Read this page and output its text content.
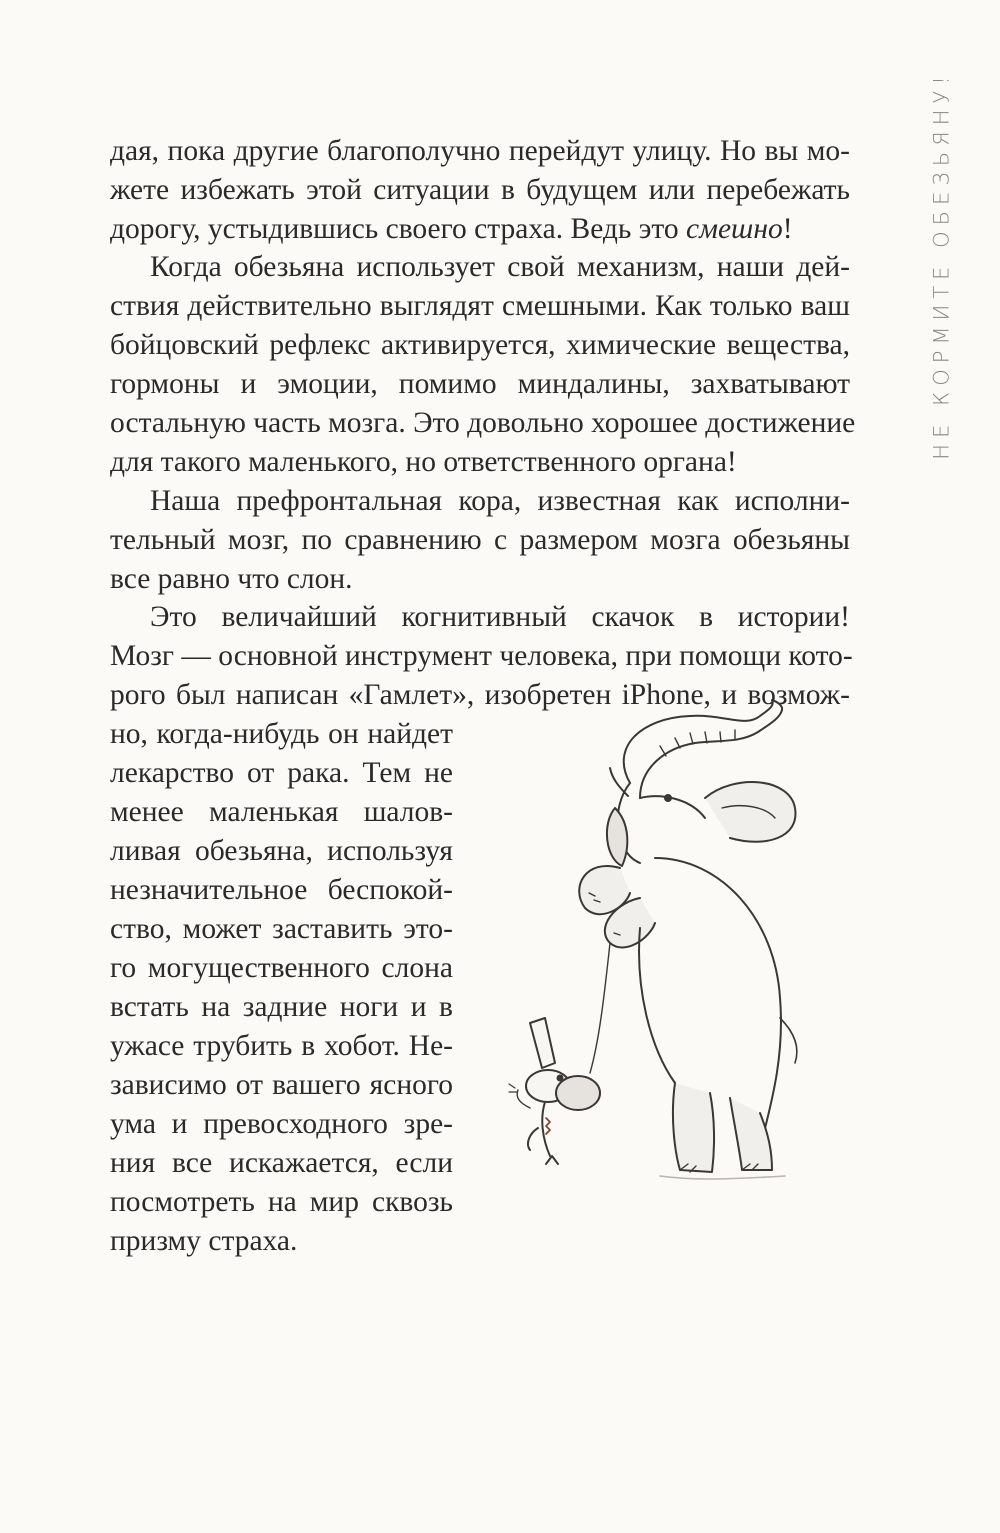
НЕ КОРМИТЕ ОБЕЗЬЯНУ!
дая, пока другие благополучно перейдут улицу. Но вы мо-
жете избежать этой ситуации в будущем или перебежать
дорогу, устыдившись своего страха. Ведь это смешно!
Когда обезьяна использует свой механизм, наши дей-
ствия действительно выглядят смешными. Как только ваш
бойцовский рефлекс активируется, химические вещества,
гормоны и эмоции, помимо миндалины, захватывают
остальную часть мозга. Это довольно хорошее достижение
для такого маленького, но ответственного органа!
Наша префронтальная кора, известная как исполни-
тельный мозг, по сравнению с размером мозга обезьяны
все равно что слон.
Это величайший когнитивный скачок в истории!
Мозг — основной инструмент человека, при помощи кото-
рого был написан «Гамлет», изобретен iPhone, и возмож-
но, когда-нибудь он найдет
лекарство от рака. Тем не
менее маленькая шалов-
ливая обезьяна, используя
незначительное беспокой-
ство, может заставить это-
го могущественного слона
встать на задние ноги и в
ужасе трубить в хобот. Не-
зависимо от вашего ясного
ума и превосходного зре-
ния все искажается, если
посмотреть на мир сквозь
призму страха.
